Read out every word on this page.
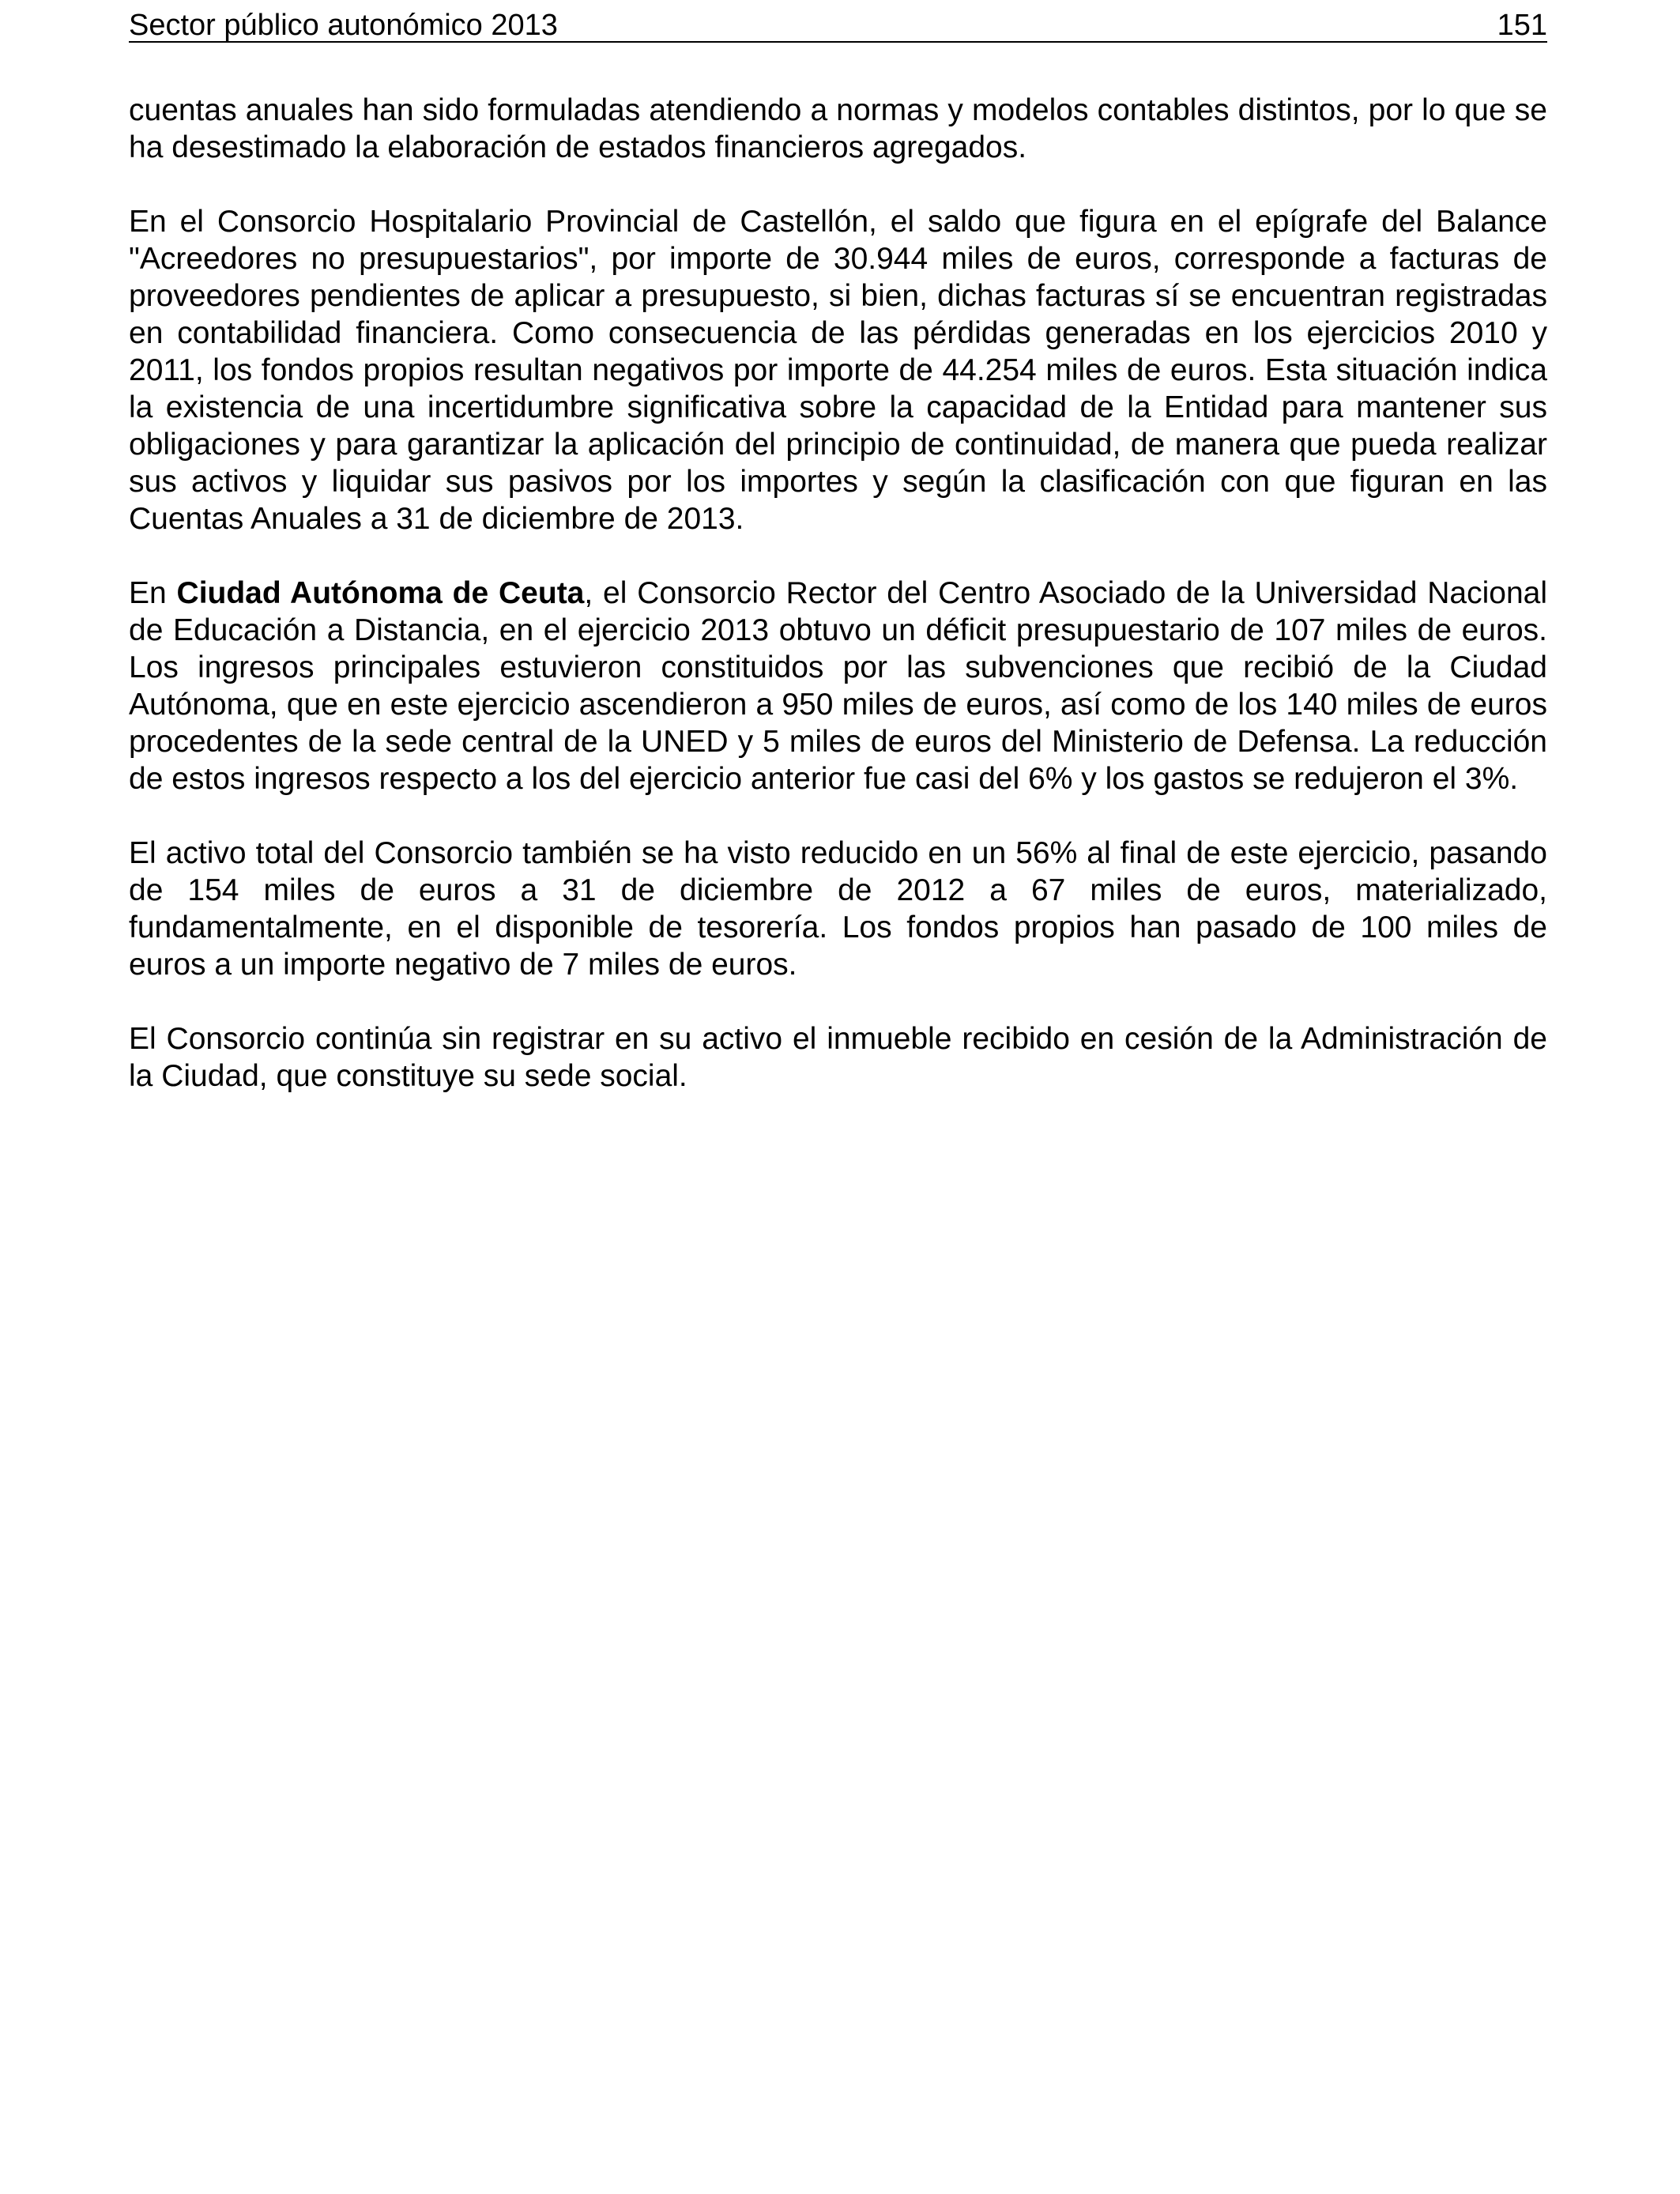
Sector público autonómico 2013	151

cuentas anuales han sido formuladas atendiendo a normas y modelos contables distintos, por lo que se ha desestimado la elaboración de estados financieros agregados.

En el Consorcio Hospitalario Provincial de Castellón, el saldo que figura en el epígrafe del Balance "Acreedores no presupuestarios", por importe de 30.944 miles de euros, corresponde a facturas de proveedores pendientes de aplicar a presupuesto, si bien, dichas facturas sí se encuentran registradas en contabilidad financiera. Como consecuencia de las pérdidas generadas en los ejercicios 2010 y 2011, los fondos propios resultan negativos por importe de 44.254 miles de euros. Esta situación indica la existencia de una incertidumbre significativa sobre la capacidad de la Entidad para mantener sus obligaciones y para garantizar la aplicación del principio de continuidad, de manera que pueda realizar sus activos y liquidar sus pasivos por los importes y según la clasificación con que figuran en las Cuentas Anuales a 31 de diciembre de 2013.

En Ciudad Autónoma de Ceuta, el Consorcio Rector del Centro Asociado de la Universidad Nacional de Educación a Distancia, en el ejercicio 2013 obtuvo un déficit presupuestario de 107 miles de euros. Los ingresos principales estuvieron constituidos por las subvenciones que recibió de la Ciudad Autónoma, que en este ejercicio ascendieron a 950 miles de euros, así como de los 140 miles de euros procedentes de la sede central de la UNED y 5 miles de euros del Ministerio de Defensa. La reducción de estos ingresos respecto a los del ejercicio anterior fue casi del 6% y los gastos se redujeron el 3%.

El activo total del Consorcio también se ha visto reducido en un 56% al final de este ejercicio, pasando de 154 miles de euros a 31 de diciembre de 2012 a 67 miles de euros, materializado, fundamentalmente, en el disponible de tesorería. Los fondos propios han pasado de 100 miles de euros a un importe negativo de 7 miles de euros.

El Consorcio continúa sin registrar en su activo el inmueble recibido en cesión de la Administración de la Ciudad, que constituye su sede social.
